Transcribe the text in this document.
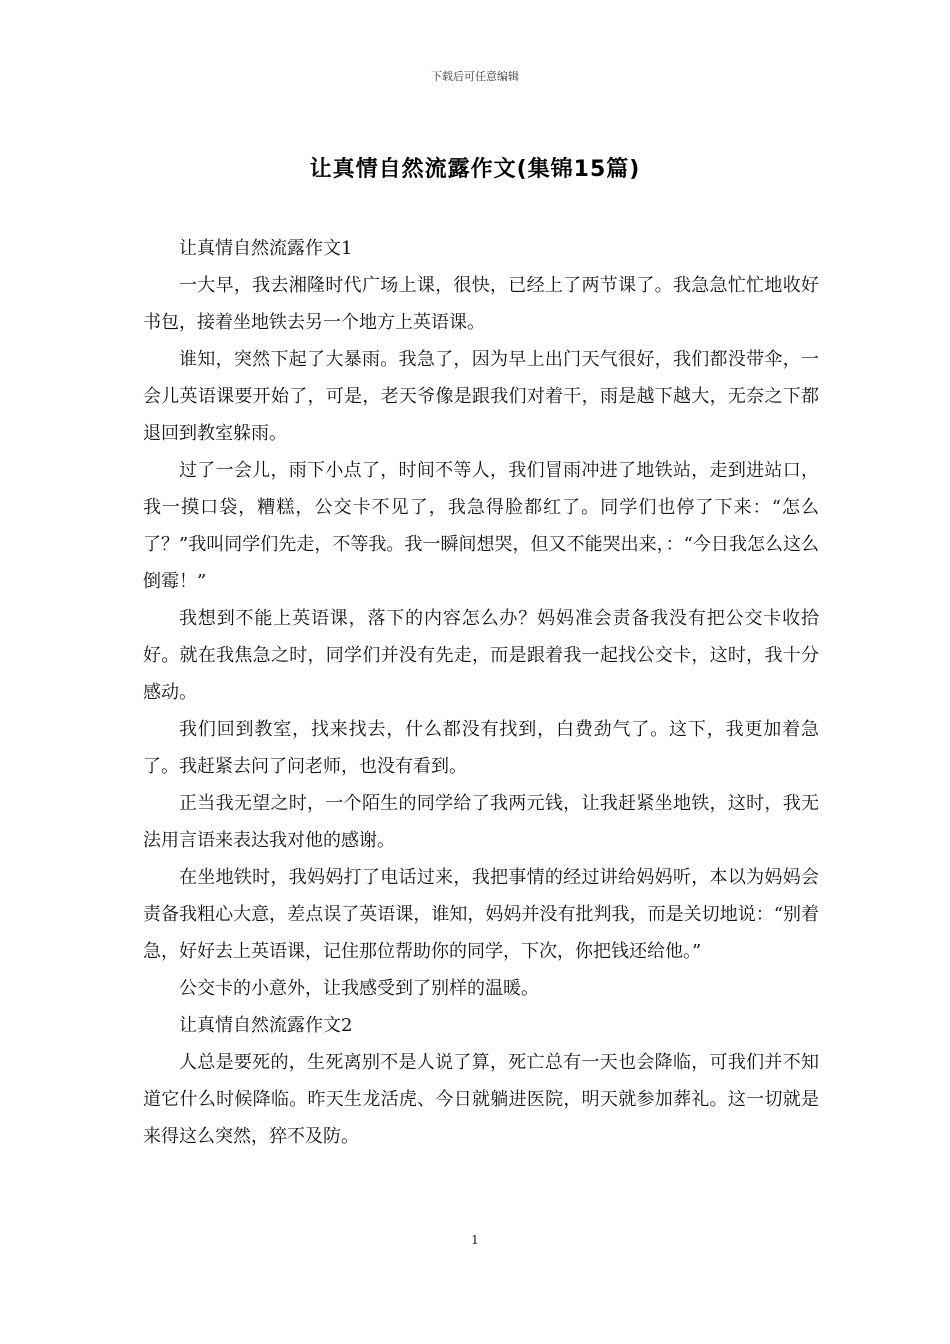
下载后可任意编辑
让真情自然流露作文(集锦15篇)

让真情自然流露作文1

一大早，我去湘隆时代广场上课，很快，已经上了两节课了。我急急忙忙地收好书包，接着坐地铁去另一个地方上英语课。

谁知，突然下起了大暴雨。我急了，因为早上出门天气很好，我们都没带伞，一会儿英语课要开始了，可是，老天爷像是跟我们对着干，雨是越下越大，无奈之下都退回到教室躲雨。

过了一会儿，雨下小点了，时间不等人，我们冒雨冲进了地铁站，走到进站口，我一摸口袋，糟糕，公交卡不见了，我急得脸都红了。同学们也停了下来：“怎么了？”我叫同学们先走，不等我。我一瞬间想哭，但又不能哭出来，：“今日我怎么这么倒霉！”

我想到不能上英语课，落下的内容怎么办？妈妈准会责备我没有把公交卡收拾好。就在我焦急之时，同学们并没有先走，而是跟着我一起找公交卡，这时，我十分感动。

我们回到教室，找来找去，什么都没有找到，白费劲气了。这下，我更加着急了。我赶紧去问了问老师，也没有看到。

正当我无望之时，一个陌生的同学给了我两元钱，让我赶紧坐地铁，这时，我无法用言语来表达我对他的感谢。

在坐地铁时，我妈妈打了电话过来，我把事情的经过讲给妈妈听，本以为妈妈会责备我粗心大意，差点误了英语课，谁知，妈妈并没有批判我，而是关切地说：“别着急，好好去上英语课，记住那位帮助你的同学，下次，你把钱还给他。”

公交卡的小意外，让我感受到了别样的温暖。

让真情自然流露作文2

人总是要死的，生死离别不是人说了算，死亡总有一天也会降临，可我们并不知道它什么时候降临。昨天生龙活虎、今日就躺进医院，明天就参加葬礼。这一切就是来得这么突然，猝不及防。

1
